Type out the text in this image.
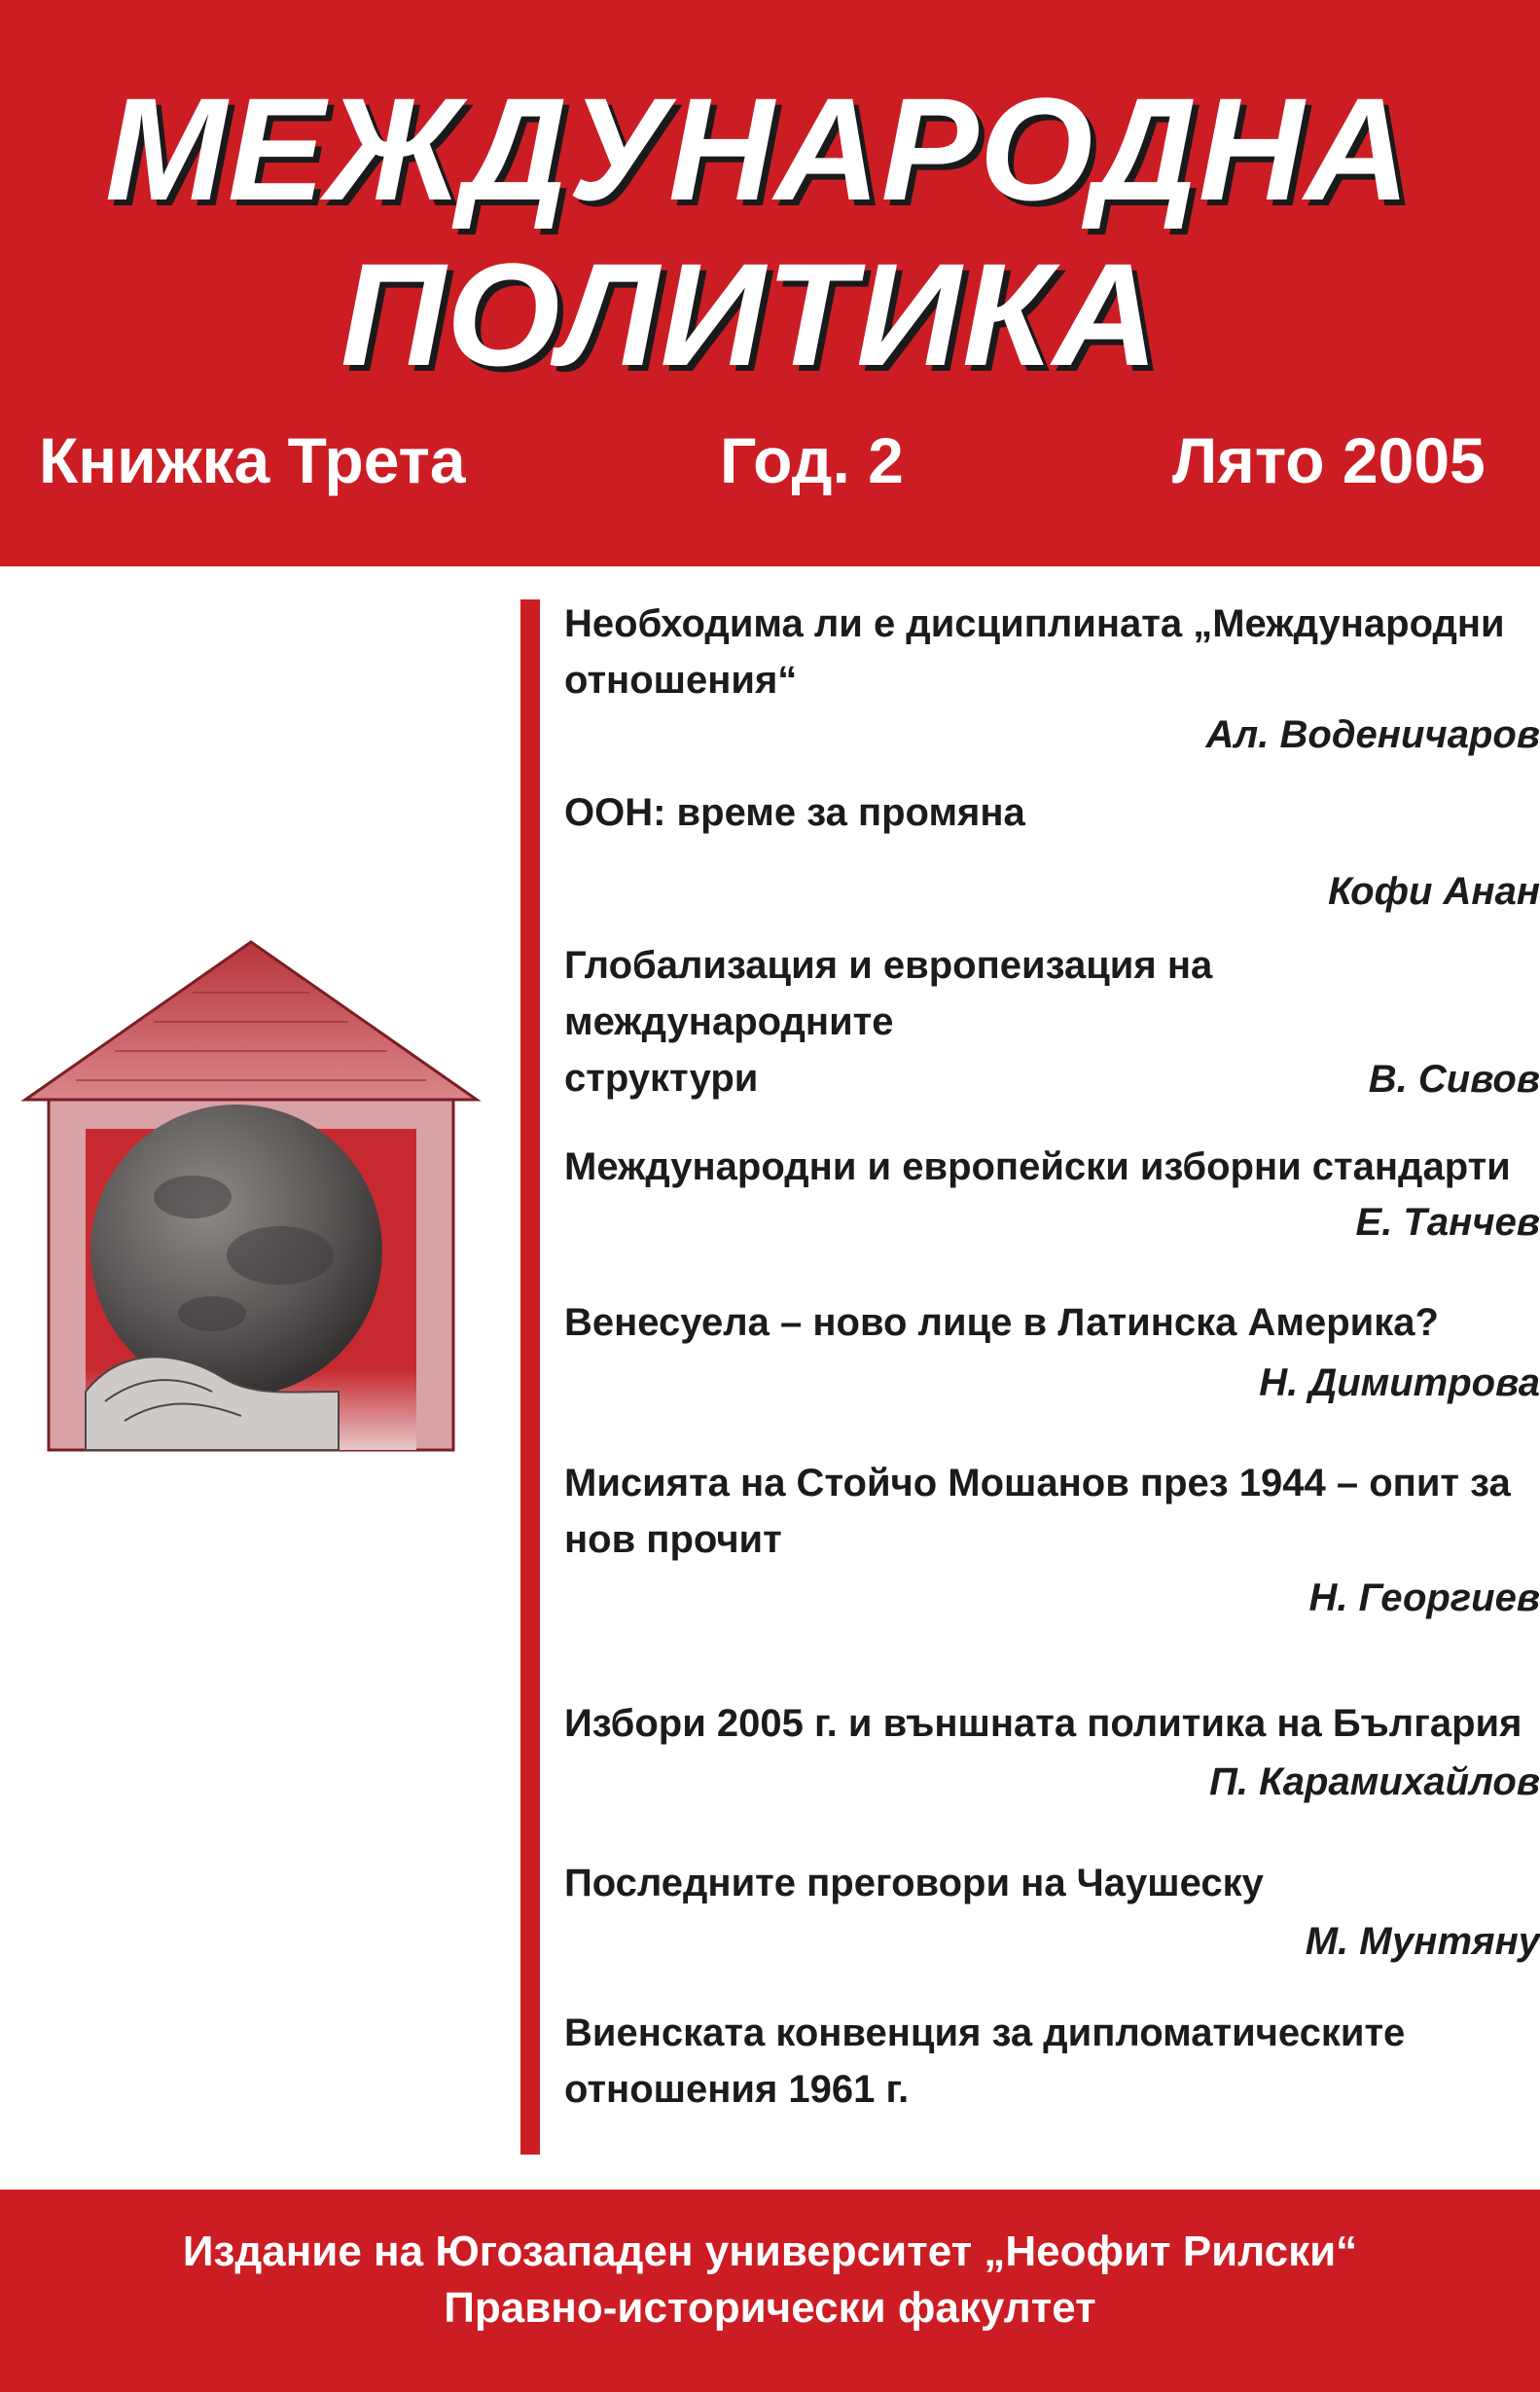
МЕЖДУНАРОДНА
ПОЛИТИКА
Книжка Трета	Год. 2	Лято 2005

Необходима ли е дисциплината „Международни
отношения“

Ал. Воденичаров

ООН: време за промяна

Кофи Анан

Глобализация и европеизация на международните
структури	В. Сивов

Международни и европейски изборни стандарти

Е. Танчев

Венесуела – ново лице в Латинска Америка?

Н. Димитрова

Мисията на Стойчо Мошанов през 1944 – опит за
нов прочит

Н. Георгиев

Избори 2005 г. и външната политика на България

П. Карамихайлов

Последните преговори на Чаушеску

М. Мунтяну

Виенската конвенция за дипломатическите
отношения 1961 г.

Издание на Югозападен университет „Неофит Рилски“

Правно-исторически факултет
